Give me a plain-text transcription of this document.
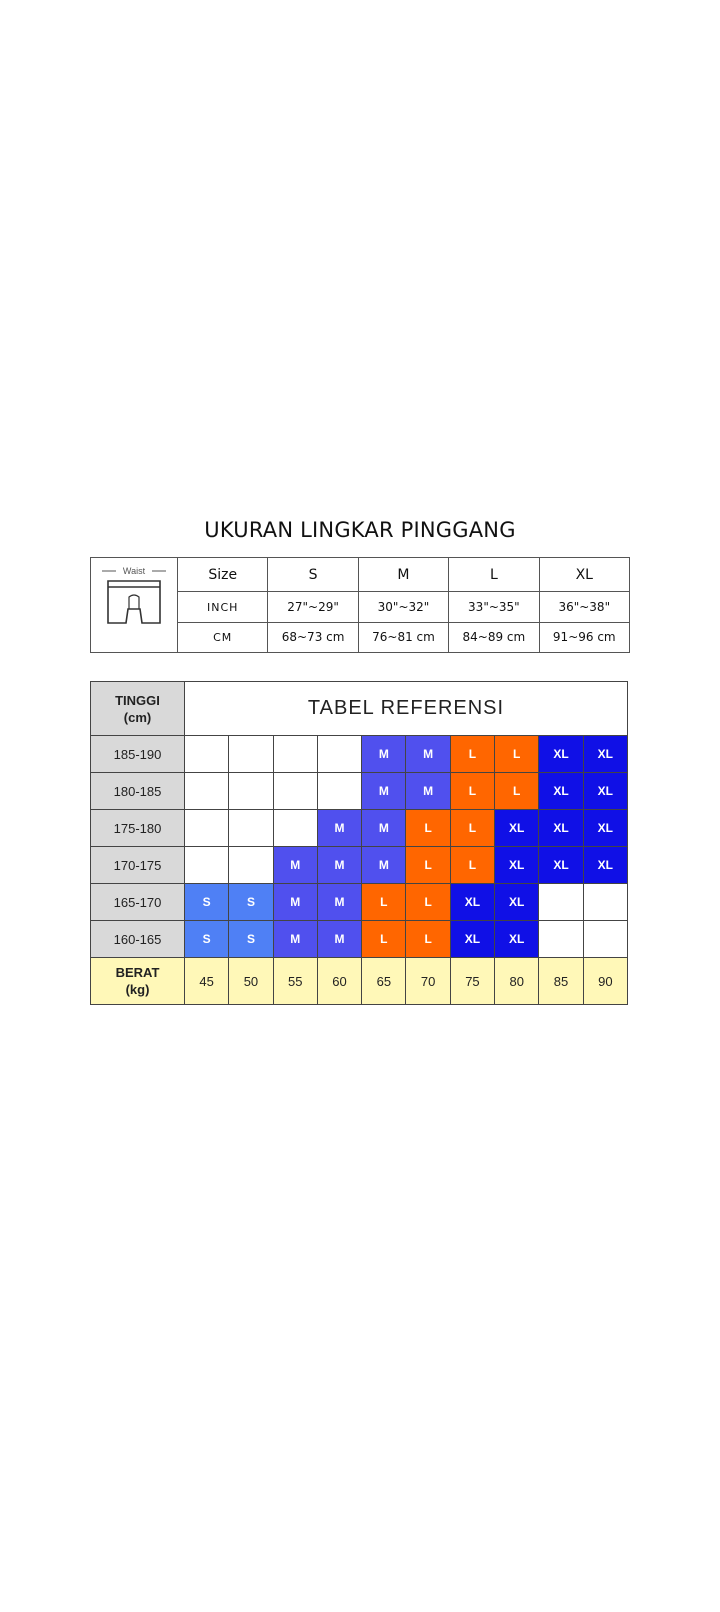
UKURAN LINGKAR PINGGANG
Waist	Size	S	M	L	XL
	INCH	27"~29"	30"~32"	33"~35"	36"~38"
	CM	68~73 cm	76~81 cm	84~89 cm	91~96 cm
TINGGI
(cm)	TABEL REFERENSI									
185-190					M	M	L	L	XL	XL
180-185					M	M	L	L	XL	XL
175-180				M	M	L	L	XL	XL	XL
170-175			M	M	M	L	L	XL	XL	XL
165-170	S	S	M	M	L	L	XL	XL		
160-165	S	S	M	M	L	L	XL	XL		

BERAT
(kg)	45	50	55	60	65	70	75	80	85	90
